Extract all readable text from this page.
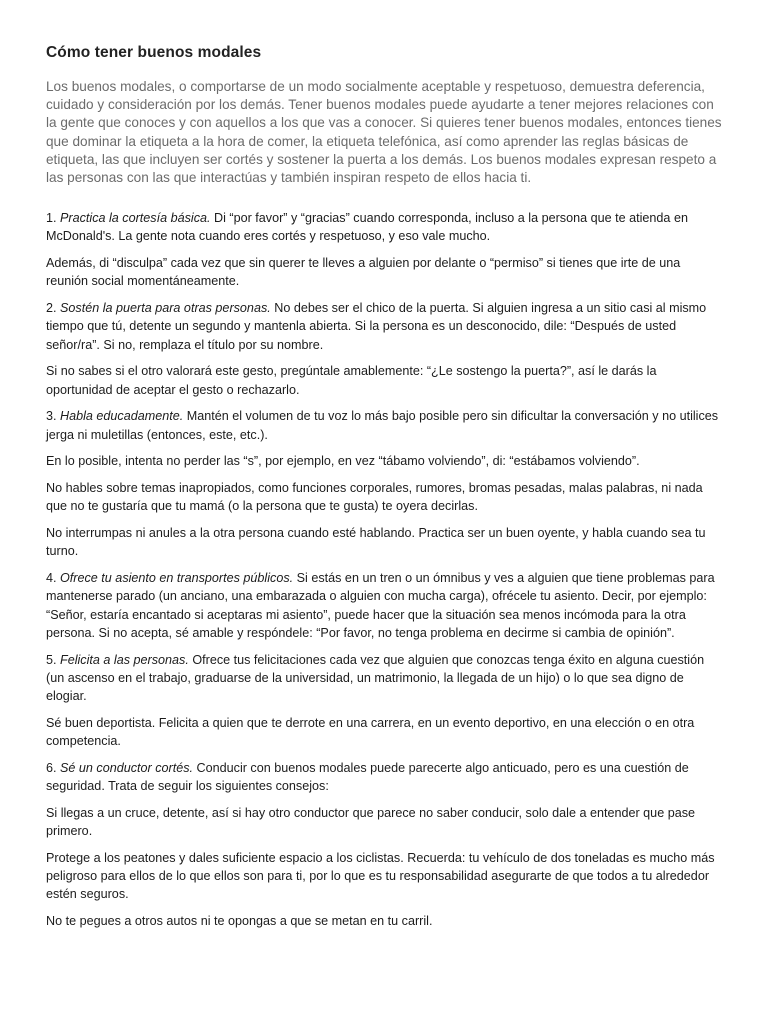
Cómo tener buenos modales

Los buenos modales, o comportarse de un modo socialmente aceptable y respetuoso, demuestra deferencia, cuidado y consideración por los demás. Tener buenos modales puede ayudarte a tener mejores relaciones con la gente que conoces y con aquellos a los que vas a conocer. Si quieres tener buenos modales, entonces tienes que dominar la etiqueta a la hora de comer, la etiqueta telefónica, así como aprender las reglas básicas de etiqueta, las que incluyen ser cortés y sostener la puerta a los demás. Los buenos modales expresan respeto a las personas con las que interactúas y también inspiran respeto de ellos hacia ti.

1. Practica la cortesía básica. Di “por favor” y “gracias” cuando corresponda, incluso a la persona que te atienda en McDonald's. La gente nota cuando eres cortés y respetuoso, y eso vale mucho.

Además, di “disculpa” cada vez que sin querer te lleves a alguien por delante o “permiso” si tienes que irte de una reunión social momentáneamente.

2. Sostén la puerta para otras personas. No debes ser el chico de la puerta. Si alguien ingresa a un sitio casi al mismo tiempo que tú, detente un segundo y mantenla abierta. Si la persona es un desconocido, dile: “Después de usted señor/ra”. Si no, remplaza el título por su nombre.

Si no sabes si el otro valorará este gesto, pregúntale amablemente: “¿Le sostengo la puerta?”, así le darás la oportunidad de aceptar el gesto o rechazarlo.

3. Habla educadamente. Mantén el volumen de tu voz lo más bajo posible pero sin dificultar la conversación y no utilices jerga ni muletillas (entonces, este, etc.).

En lo posible, intenta no perder las “s”, por ejemplo, en vez “tábamo volviendo”, di: “estábamos volviendo”.

No hables sobre temas inapropiados, como funciones corporales, rumores, bromas pesadas, malas palabras, ni nada que no te gustaría que tu mamá (o la persona que te gusta) te oyera decirlas.

No interrumpas ni anules a la otra persona cuando esté hablando. Practica ser un buen oyente, y habla cuando sea tu turno.

4. Ofrece tu asiento en transportes públicos. Si estás en un tren o un ómnibus y ves a alguien que tiene problemas para mantenerse parado (un anciano, una embarazada o alguien con mucha carga), ofrécele tu asiento. Decir, por ejemplo: “Señor, estaría encantado si aceptaras mi asiento”, puede hacer que la situación sea menos incómoda para la otra persona. Si no acepta, sé amable y respóndele: “Por favor, no tenga problema en decirme si cambia de opinión”.

5. Felicita a las personas. Ofrece tus felicitaciones cada vez que alguien que conozcas tenga éxito en alguna cuestión (un ascenso en el trabajo, graduarse de la universidad, un matrimonio, la llegada de un hijo) o lo que sea digno de elogiar.

Sé buen deportista. Felicita a quien que te derrote en una carrera, en un evento deportivo, en una elección o en otra competencia.

6. Sé un conductor cortés. Conducir con buenos modales puede parecerte algo anticuado, pero es una cuestión de seguridad. Trata de seguir los siguientes consejos:

Si llegas a un cruce, detente, así si hay otro conductor que parece no saber conducir, solo dale a entender que pase primero.

Protege a los peatones y dales suficiente espacio a los ciclistas. Recuerda: tu vehículo de dos toneladas es mucho más peligroso para ellos de lo que ellos son para ti, por lo que es tu responsabilidad asegurarte de que todos a tu alrededor estén seguros.

No te pegues a otros autos ni te opongas a que se metan en tu carril.
